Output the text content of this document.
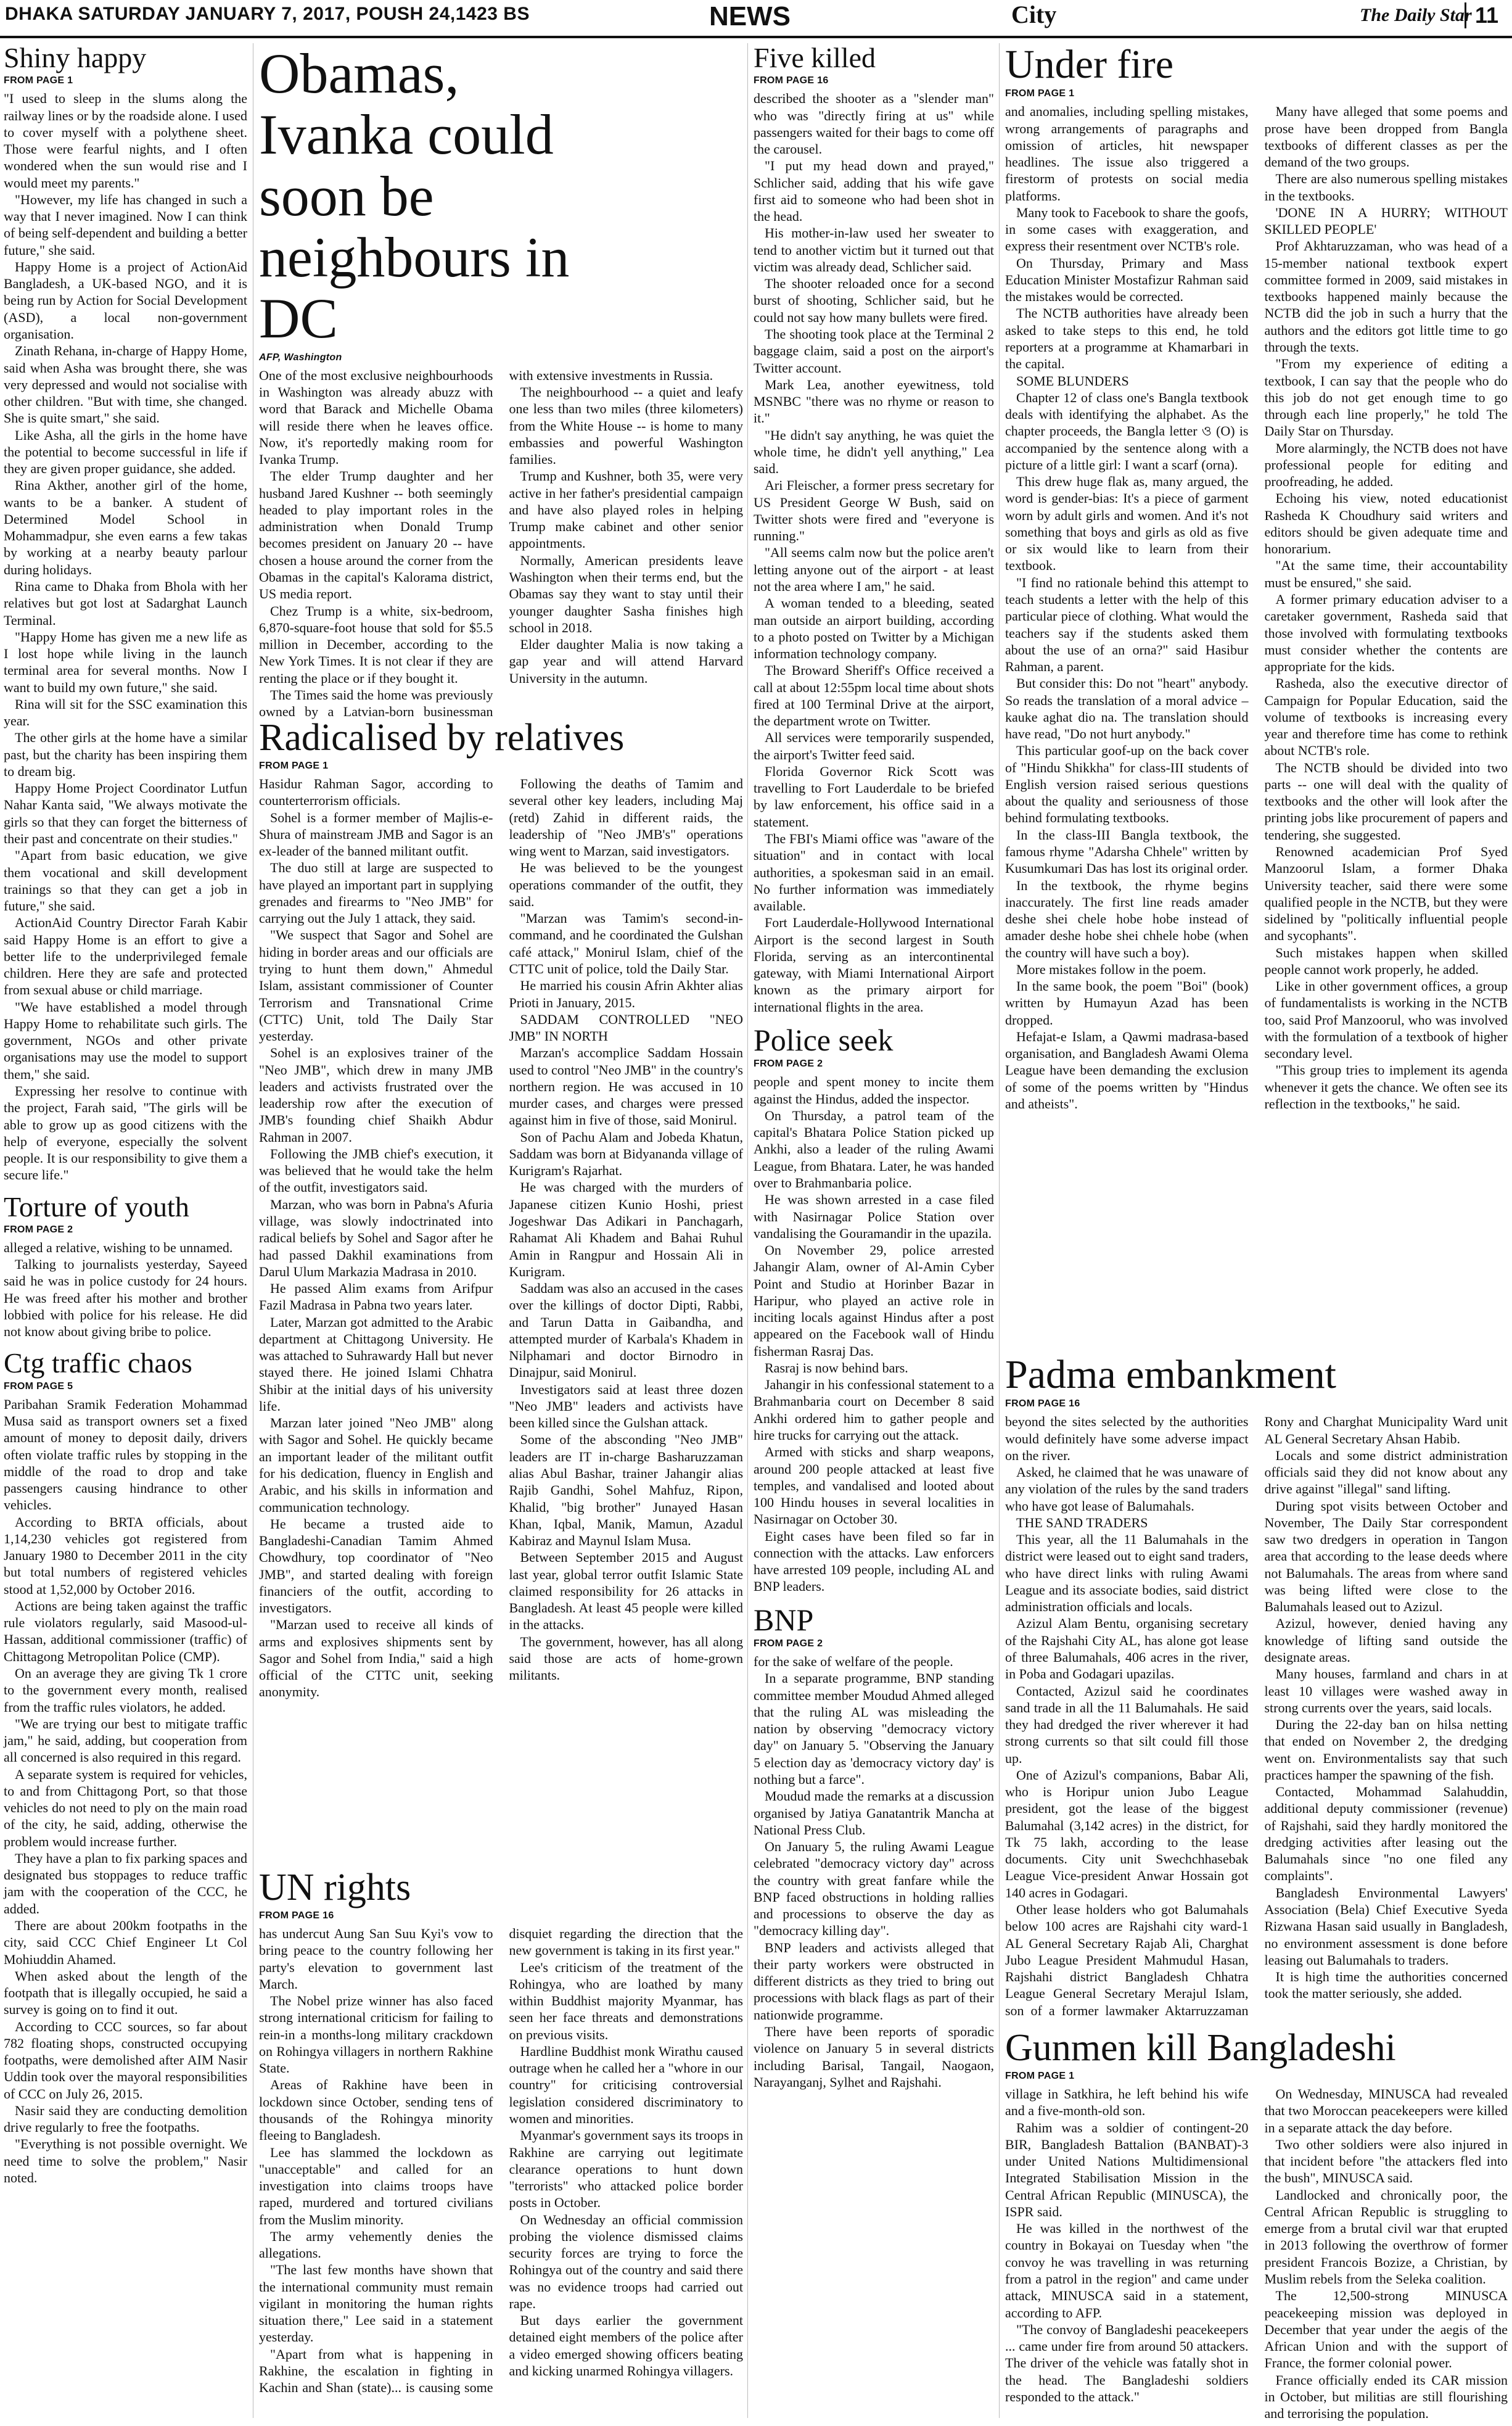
DHAKA SATURDAY JANUARY 7, 2017, POUSH 24,1423 BS	NEWS	City	The Daily Star 11
Shiny happy
FROM PAGE 1

"I used to sleep in the slums along the railway lines or by the roadside alone. I used to cover myself with a polythene sheet. Those were fearful nights, and I often wondered when the sun would rise and I would meet my parents."

"However, my life has changed in such a way that I never imagined. Now I can think of being self-dependent and building a better future," she said.

Happy Home is a project of ActionAid Bangladesh, a UK-based NGO, and it is being run by Action for Social Development (ASD), a local non-government organisation.

Zinath Rehana, in-charge of Happy Home, said when Asha was brought there, she was very depressed and would not socialise with other children. "But with time, she changed. She is quite smart," she said.

Like Asha, all the girls in the home have the potential to become successful in life if they are given proper guidance, she added.

Rina Akther, another girl of the home, wants to be a banker. A student of Determined Model School in Mohammadpur, she even earns a few takas by working at a nearby beauty parlour during holidays.

Rina came to Dhaka from Bhola with her relatives but got lost at Sadarghat Launch Terminal.

"Happy Home has given me a new life as I lost hope while living in the launch terminal area for several months. Now I want to build my own future," she said.

Rina will sit for the SSC examination this year.

The other girls at the home have a similar past, but the charity has been inspiring them to dream big.

Happy Home Project Coordinator Lutfun Nahar Kanta said, "We always motivate the girls so that they can forget the bitterness of their past and concentrate on their studies."

"Apart from basic education, we give them vocational and skill development trainings so that they can get a job in future," she said.

ActionAid Country Director Farah Kabir said Happy Home is an effort to give a better life to the underprivileged female children. Here they are safe and protected from sexual abuse or child marriage.

"We have established a model through Happy Home to rehabilitate such girls. The government, NGOs and other private organisations may use the model to support them," she said.

Expressing her resolve to continue with the project, Farah said, "The girls will be able to grow up as good citizens with the help of everyone, especially the solvent people. It is our responsibility to give them a secure life."

Torture of youth
FROM PAGE 2

alleged a relative, wishing to be unnamed.

Talking to journalists yesterday, Sayeed said he was in police custody for 24 hours. He was freed after his mother and brother lobbied with police for his release. He did not know about giving bribe to police.

Ctg traffic chaos
FROM PAGE 5

Paribahan Sramik Federation Mohammad Musa said as transport owners set a fixed amount of money to deposit daily, drivers often violate traffic rules by stopping in the middle of the road to drop and take passengers causing hindrance to other vehicles.

According to BRTA officials, about 1,14,230 vehicles got registered from January 1980 to December 2011 in the city but total numbers of registered vehicles stood at 1,52,000 by October 2016.

Actions are being taken against the traffic rule violators regularly, said Masood-ul-Hassan, additional commissioner (traffic) of Chittagong Metropolitan Police (CMP).

On an average they are giving Tk 1 crore to the government every month, realised from the traffic rules violators, he added.

"We are trying our best to mitigate traffic jam," he said, adding, but cooperation from all concerned is also required in this regard.

A separate system is required for vehicles, to and from Chittagong Port, so that those vehicles do not need to ply on the main road of the city, he said, adding, otherwise the problem would increase further.

They have a plan to fix parking spaces and designated bus stoppages to reduce traffic jam with the cooperation of the CCC, he added.

There are about 200km footpaths in the city, said CCC Chief Engineer Lt Col Mohiuddin Ahamed.

When asked about the length of the footpath that is illegally occupied, he said a survey is going on to find it out.

According to CCC sources, so far about 782 floating shops, constructed occupying footpaths, were demolished after AIM Nasir Uddin took over the mayoral responsibilities of CCC on July 26, 2015.

Nasir said they are conducting demolition drive regularly to free the footpaths.

"Everything is not possible overnight. We need time to solve the problem," Nasir noted.

Obamas, Ivanka could soon be neighbours in DC
AFP, Washington

One of the most exclusive neighbourhoods in Washington was already abuzz with word that Barack and Michelle Obama will reside there when he leaves office. Now, it's reportedly making room for Ivanka Trump.

The elder Trump daughter and her husband Jared Kushner -- both seemingly headed to play important roles in the administration when Donald Trump becomes president on January 20 -- have chosen a house around the corner from the Obamas in the capital's Kalorama district, US media report.

Chez Trump is a white, six-bedroom, 6,870-square-foot house that sold for $5.5 million in December, according to the New York Times. It is not clear if they are renting the place or if they bought it.

The Times said the home was previously owned by a Latvian-born businessman with extensive investments in Russia.

The neighbourhood -- a quiet and leafy one less than two miles (three kilometers) from the White House -- is home to many embassies and powerful Washington families.

Trump and Kushner, both 35, were very active in her father's presidential campaign and have also played roles in helping Trump make cabinet and other senior appointments.

Normally, American presidents leave Washington when their terms end, but the Obamas say they want to stay until their younger daughter Sasha finishes high school in 2018.

Elder daughter Malia is now taking a gap year and will attend Harvard University in the autumn.

Radicalised by relatives
FROM PAGE 1

Hasidur Rahman Sagor, according to counterterrorism officials.

Sohel is a former member of Majlis-e-Shura of mainstream JMB and Sagor is an ex-leader of the banned militant outfit.

The duo still at large are suspected to have played an important part in supplying grenades and firearms to "Neo JMB" for carrying out the July 1 attack, they said.

"We suspect that Sagor and Sohel are hiding in border areas and our officials are trying to hunt them down," Ahmedul Islam, assistant commissioner of Counter Terrorism and Transnational Crime (CTTC) Unit, told The Daily Star yesterday.

Sohel is an explosives trainer of the "Neo JMB", which drew in many JMB leaders and activists frustrated over the leadership row after the execution of JMB's founding chief Shaikh Abdur Rahman in 2007.

Following the JMB chief's execution, it was believed that he would take the helm of the outfit, investigators said.

Marzan, who was born in Pabna's Afuria village, was slowly indoctrinated into radical beliefs by Sohel and Sagor after he had passed Dakhil examinations from Darul Ulum Markazia Madrasa in 2010.

He passed Alim exams from Arifpur Fazil Madrasa in Pabna two years later.

Later, Marzan got admitted to the Arabic department at Chittagong University. He was attached to Suhrawardy Hall but never stayed there. He joined Islami Chhatra Shibir at the initial days of his university life.

Marzan later joined "Neo JMB" along with Sagor and Sohel. He quickly became an important leader of the militant outfit for his dedication, fluency in English and Arabic, and his skills in information and communication technology.

He became a trusted aide to Bangladeshi-Canadian Tamim Ahmed Chowdhury, top coordinator of "Neo JMB", and started dealing with foreign financiers of the outfit, according to investigators.

"Marzan used to receive all kinds of arms and explosives shipments sent by Sagor and Sohel from India," said a high official of the CTTC unit, seeking anonymity.

Following the deaths of Tamim and several other key leaders, including Maj (retd) Zahid in different raids, the leadership of "Neo JMB's" operations wing went to Marzan, said investigators.

He was believed to be the youngest operations commander of the outfit, they said.

"Marzan was Tamim's second-in-command, and he coordinated the Gulshan café attack," Monirul Islam, chief of the CTTC unit of police, told the Daily Star.

He married his cousin Afrin Akhter alias Prioti in January, 2015.

SADDAM CONTROLLED "NEO JMB" IN NORTH

Marzan's accomplice Saddam Hossain used to control "Neo JMB" in the country's northern region. He was accused in 10 murder cases, and charges were pressed against him in five of those, said Monirul.

Son of Pachu Alam and Jobeda Khatun, Saddam was born at Bidyananda village of Kurigram's Rajarhat.

He was charged with the murders of Japanese citizen Kunio Hoshi, priest Jogeshwar Das Adikari in Panchagarh, Rahamat Ali Khadem and Bahai Ruhul Amin in Rangpur and Hossain Ali in Kurigram.

Saddam was also an accused in the cases over the killings of doctor Dipti, Rabbi, and Tarun Datta in Gaibandha, and attempted murder of Karbala's Khadem in Nilphamari and doctor Birnodro in Dinajpur, said Monirul.

Investigators said at least three dozen "Neo JMB" leaders and activists have been killed since the Gulshan attack.

Some of the absconding "Neo JMB" leaders are IT in-charge Basharuzzaman alias Abul Bashar, trainer Jahangir alias Rajib Gandhi, Sohel Mahfuz, Ripon, Khalid, "big brother" Junayed Hasan Khan, Iqbal, Manik, Mamun, Azadul Kabiraz and Maynul Islam Musa.

Between September 2015 and August last year, global terror outfit Islamic State claimed responsibility for 26 attacks in Bangladesh. At least 45 people were killed in the attacks.

The government, however, has all along said those are acts of home-grown militants.

UN rights
FROM PAGE 16

has undercut Aung San Suu Kyi's vow to bring peace to the country following her party's elevation to government last March.

The Nobel prize winner has also faced strong international criticism for failing to rein-in a months-long military crackdown on Rohingya villagers in northern Rakhine State.

Areas of Rakhine have been in lockdown since October, sending tens of thousands of the Rohingya minority fleeing to Bangladesh.

Lee has slammed the lockdown as "unacceptable" and called for an investigation into claims troops have raped, murdered and tortured civilians from the Muslim minority.

The army vehemently denies the allegations.

"The last few months have shown that the international community must remain vigilant in monitoring the human rights situation there," Lee said in a statement yesterday.

"Apart from what is happening in Rakhine, the escalation in fighting in Kachin and Shan (state)... is causing some disquiet regarding the direction that the new government is taking in its first year."

Lee's criticism of the treatment of the Rohingya, who are loathed by many within Buddhist majority Myanmar, has seen her face threats and demonstrations on previous visits.

Hardline Buddhist monk Wirathu caused outrage when he called her a "whore in our country" for criticising controversial legislation considered discriminatory to women and minorities.

Myanmar's government says its troops in Rakhine are carrying out legitimate clearance operations to hunt down "terrorists" who attacked police border posts in October.

On Wednesday an official commission probing the violence dismissed claims security forces are trying to force the Rohingya out of the country and said there was no evidence troops had carried out rape.

But days earlier the government detained eight members of the police after a video emerged showing officers beating and kicking unarmed Rohingya villagers.

Five killed
FROM PAGE 16

described the shooter as a "slender man" who was "directly firing at us" while passengers waited for their bags to come off the carousel.

"I put my head down and prayed," Schlicher said, adding that his wife gave first aid to someone who had been shot in the head.

His mother-in-law used her sweater to tend to another victim but it turned out that victim was already dead, Schlicher said.

The shooter reloaded once for a second burst of shooting, Schlicher said, but he could not say how many bullets were fired.

The shooting took place at the Terminal 2 baggage claim, said a post on the airport's Twitter account.

Mark Lea, another eyewitness, told MSNBC "there was no rhyme or reason to it."

"He didn't say anything, he was quiet the whole time, he didn't yell anything," Lea said.

Ari Fleischer, a former press secretary for US President George W Bush, said on Twitter shots were fired and "everyone is running."

"All seems calm now but the police aren't letting anyone out of the airport - at least not the area where I am," he said.

A woman tended to a bleeding, seated man outside an airport building, according to a photo posted on Twitter by a Michigan information technology company.

The Broward Sheriff's Office received a call at about 12:55pm local time about shots fired at 100 Terminal Drive at the airport, the department wrote on Twitter.

All services were temporarily suspended, the airport's Twitter feed said.

Florida Governor Rick Scott was travelling to Fort Lauderdale to be briefed by law enforcement, his office said in a statement.

The FBI's Miami office was "aware of the situation" and in contact with local authorities, a spokesman said in an email. No further information was immediately available.

Fort Lauderdale-Hollywood International Airport is the second largest in South Florida, serving as an intercontinental gateway, with Miami International Airport known as the primary airport for international flights in the area.

Police seek
FROM PAGE 2

people and spent money to incite them against the Hindus, added the inspector.

On Thursday, a patrol team of the capital's Bhatara Police Station picked up Ankhi, also a leader of the ruling Awami League, from Bhatara. Later, he was handed over to Brahmanbaria police.

He was shown arrested in a case filed with Nasirnagar Police Station over vandalising the Gouramandir in the upazila.

On November 29, police arrested Jahangir Alam, owner of Al-Amin Cyber Point and Studio at Horinber Bazar in Haripur, who played an active role in inciting locals against Hindus after a post appeared on the Facebook wall of Hindu fisherman Rasraj Das.

Rasraj is now behind bars.

Jahangir in his confessional statement to a Brahmanbaria court on December 8 said Ankhi ordered him to gather people and hire trucks for carrying out the attack.

Armed with sticks and sharp weapons, around 200 people attacked at least five temples, and vandalised and looted about 100 Hindu houses in several localities in Nasirnagar on October 30.

Eight cases have been filed so far in connection with the attacks. Law enforcers have arrested 109 people, including AL and BNP leaders.

BNP
FROM PAGE 2

for the sake of welfare of the people.

In a separate programme, BNP standing committee member Moudud Ahmed alleged that the ruling AL was misleading the nation by observing "democracy victory day" on January 5. "Observing the January 5 election day as 'democracy victory day' is nothing but a farce".

Moudud made the remarks at a discussion organised by Jatiya Ganatantrik Mancha at National Press Club.

On January 5, the ruling Awami League celebrated "democracy victory day" across the country with great fanfare while the BNP faced obstructions in holding rallies and processions to observe the day as "democracy killing day".

BNP leaders and activists alleged that their party workers were obstructed in different districts as they tried to bring out processions with black flags as part of their nationwide programme.

There have been reports of sporadic violence on January 5 in several districts including Barisal, Tangail, Naogaon, Narayanganj, Sylhet and Rajshahi.

Under fire
FROM PAGE 1

and anomalies, including spelling mistakes, wrong arrangements of paragraphs and omission of articles, hit newspaper headlines. The issue also triggered a firestorm of protests on social media platforms.

Many took to Facebook to share the goofs, in some cases with exaggeration, and express their resentment over NCTB's role.

On Thursday, Primary and Mass Education Minister Mostafizur Rahman said the mistakes would be corrected.

The NCTB authorities have already been asked to take steps to this end, he told reporters at a programme at Khamarbari in the capital.

SOME BLUNDERS

Chapter 12 of class one's Bangla textbook deals with identifying the alphabet. As the chapter proceeds, the Bangla letter ও (O) is accompanied by the sentence along with a picture of a little girl: I want a scarf (orna).

This drew huge flak as, many argued, the word is gender-bias: It's a piece of garment worn by adult girls and women. And it's not something that boys and girls as old as five or six would like to learn from their textbook.

"I find no rationale behind this attempt to teach students a letter with the help of this particular piece of clothing. What would the teachers say if the students asked them about the use of an orna?" said Hasibur Rahman, a parent.

But consider this: Do not "heart" anybody. So reads the translation of a moral advice – kauke aghat dio na. The translation should have read, "Do not hurt anybody."

This particular goof-up on the back cover of "Hindu Shikkha" for class-III students of English version raised serious questions about the quality and seriousness of those behind formulating textbooks.

In the class-III Bangla textbook, the famous rhyme "Adarsha Chhele" written by Kusumkumari Das has lost its original order.

In the textbook, the rhyme begins inaccurately. The first line reads amader deshe shei chele hobe hobe instead of amader deshe hobe shei chhele hobe (when the country will have such a boy).

More mistakes follow in the poem.

In the same book, the poem "Boi" (book) written by Humayun Azad has been dropped.

Hefajat-e Islam, a Qawmi madrasa-based organisation, and Bangladesh Awami Olema League have been demanding the exclusion of some of the poems written by "Hindus and atheists".

Many have alleged that some poems and prose have been dropped from Bangla textbooks of different classes as per the demand of the two groups.

There are also numerous spelling mistakes in the textbooks.

'DONE IN A HURRY; WITHOUT SKILLED PEOPLE'

Prof Akhtaruzzaman, who was head of a 15-member national textbook expert committee formed in 2009, said mistakes in textbooks happened mainly because the NCTB did the job in such a hurry that the authors and the editors got little time to go through the texts.

"From my experience of editing a textbook, I can say that the people who do this job do not get enough time to go through each line properly," he told The Daily Star on Thursday.

More alarmingly, the NCTB does not have professional people for editing and proofreading, he added.

Echoing his view, noted educationist Rasheda K Choudhury said writers and editors should be given adequate time and honorarium.

"At the same time, their accountability must be ensured," she said.

A former primary education adviser to a caretaker government, Rasheda said that those involved with formulating textbooks must consider whether the contents are appropriate for the kids.

Rasheda, also the executive director of Campaign for Popular Education, said the volume of textbooks is increasing every year and therefore time has come to rethink about NCTB's role.

The NCTB should be divided into two parts -- one will deal with the quality of textbooks and the other will look after the printing jobs like procurement of papers and tendering, she suggested.

Renowned academician Prof Syed Manzoorul Islam, a former Dhaka University teacher, said there were some qualified people in the NCTB, but they were sidelined by "politically influential people and sycophants".

Such mistakes happen when skilled people cannot work properly, he added.

Like in other government offices, a group of fundamentalists is working in the NCTB too, said Prof Manzoorul, who was involved with the formulation of a textbook of higher secondary level.

"This group tries to implement its agenda whenever it gets the chance. We often see its reflection in the textbooks," he said.

Padma embankment
FROM PAGE 16

beyond the sites selected by the authorities would definitely have some adverse impact on the river.

Asked, he claimed that he was unaware of any violation of the rules by the sand traders who have got lease of Balumahals.

THE SAND TRADERS

This year, all the 11 Balumahals in the district were leased out to eight sand traders, who have direct links with ruling Awami League and its associate bodies, said district administration officials and locals.

Azizul Alam Bentu, organising secretary of the Rajshahi City AL, has alone got lease of three Balumahals, 406 acres in the river, in Poba and Godagari upazilas.

Contacted, Azizul said he coordinates sand trade in all the 11 Balumahals. He said they had dredged the river wherever it had strong currents so that silt could fill those up.

One of Azizul's companions, Babar Ali, who is Horipur union Jubo League president, got the lease of the biggest Balumahal (3,142 acres) in the district, for Tk 75 lakh, according to the lease documents. City unit Swechchhasebak League Vice-president Anwar Hossain got 140 acres in Godagari.

Other lease holders who got Balumahals below 100 acres are Rajshahi city ward-1 AL General Secretary Rajab Ali, Charghat Jubo League President Mahmudul Hasan, Rajshahi district Bangladesh Chhatra League General Secretary Merajul Islam, son of a former lawmaker Aktarruzzaman Rony and Charghat Municipality Ward unit AL General Secretary Ahsan Habib.

Locals and some district administration officials said they did not know about any drive against "illegal" sand lifting.

During spot visits between October and November, The Daily Star correspondent saw two dredgers in operation in Tangon area that according to the lease deeds where not Balumahals. The areas from where sand was being lifted were close to the Balumahals leased out to Azizul.

Azizul, however, denied having any knowledge of lifting sand outside the designate areas.

Many houses, farmland and chars in at least 10 villages were washed away in strong currents over the years, said locals.

During the 22-day ban on hilsa netting that ended on November 2, the dredging went on. Environmentalists say that such practices hamper the spawning of the fish.

Contacted, Mohammad Salahuddin, additional deputy commissioner (revenue) of Rajshahi, said they hardly monitored the dredging activities after leasing out the Balumahals since "no one filed any complaints".

Bangladesh Environmental Lawyers' Association (Bela) Chief Executive Syeda Rizwana Hasan said usually in Bangladesh, no environment assessment is done before leasing out Balumahals to traders.

It is high time the authorities concerned took the matter seriously, she added.

Gunmen kill Bangladeshi
FROM PAGE 1

village in Satkhira, he left behind his wife and a five-month-old son.

Rahim was a soldier of contingent-20 BIR, Bangladesh Battalion (BANBAT)-3 under United Nations Multidimensional Integrated Stabilisation Mission in the Central African Republic (MINUSCA), the ISPR said.

He was killed in the northwest of the country in Bokayai on Tuesday when "the convoy he was travelling in was returning from a patrol in the region" and came under attack, MINUSCA said in a statement, according to AFP.

"The convoy of Bangladeshi peacekeepers ... came under fire from around 50 attackers. The driver of the vehicle was fatally shot in the head. The Bangladeshi soldiers responded to the attack."

On Wednesday, MINUSCA had revealed that two Moroccan peacekeepers were killed in a separate attack the day before.

Two other soldiers were also injured in that incident before "the attackers fled into the bush", MINUSCA said.

Landlocked and chronically poor, the Central African Republic is struggling to emerge from a brutal civil war that erupted in 2013 following the overthrow of former president Francois Bozize, a Christian, by Muslim rebels from the Seleka coalition.

The 12,500-strong MINUSCA peacekeeping mission was deployed in December that year under the aegis of the African Union and with the support of France, the former colonial power.

France officially ended its CAR mission in October, but militias are still flourishing and terrorising the population.
